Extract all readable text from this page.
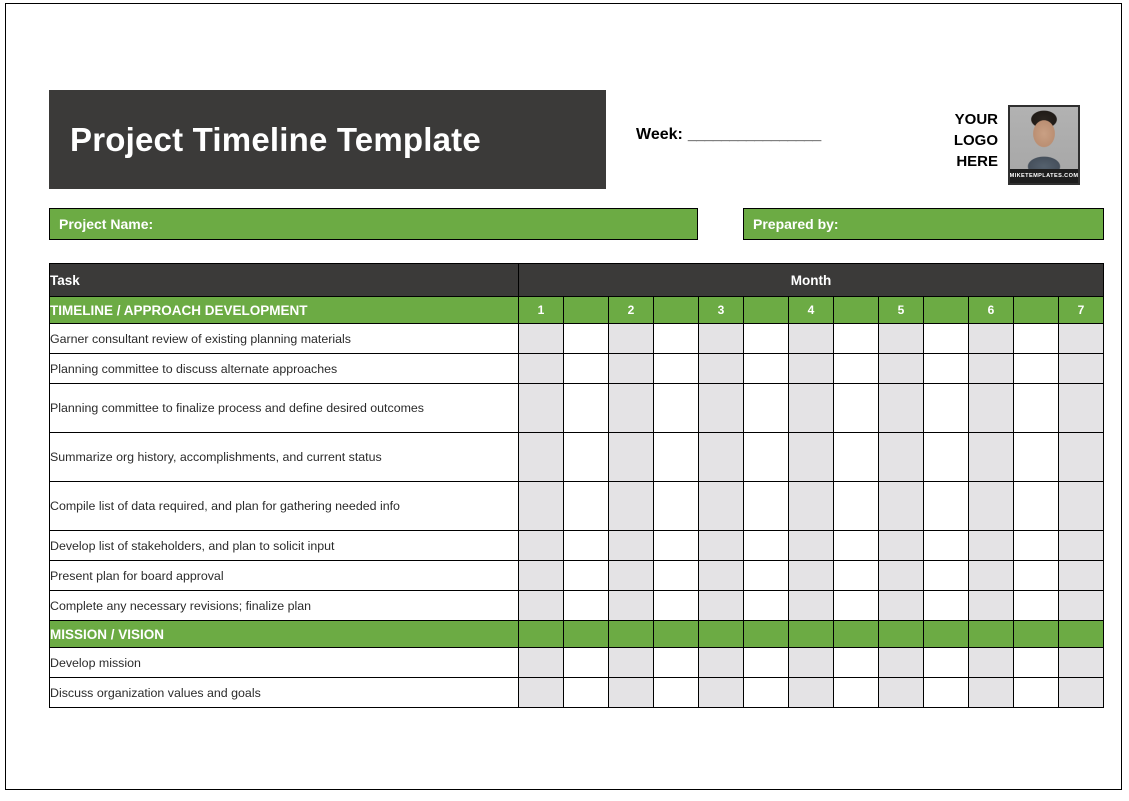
Project Timeline Template	Week: ________________
YOUR
LOGO
HERE
MIKETEMPLATES.COM
Project Name:	Prepared by:
Task	Month												
TIMELINE / APPROACH DEVELOPMENT	1		2		3		4		5		6		7
Garner consultant review of existing planning materials													
Planning committee to discuss alternate approaches													
Planning committee to finalize process and define desired outcomes													
Summarize org history, accomplishments, and current status													
Compile list of data required, and plan for gathering needed info													
Develop list of stakeholders, and plan to solicit input													
Present plan for board approval													
Complete any necessary revisions; finalize plan													
MISSION / VISION													
Develop mission													
Discuss organization values and goals													
